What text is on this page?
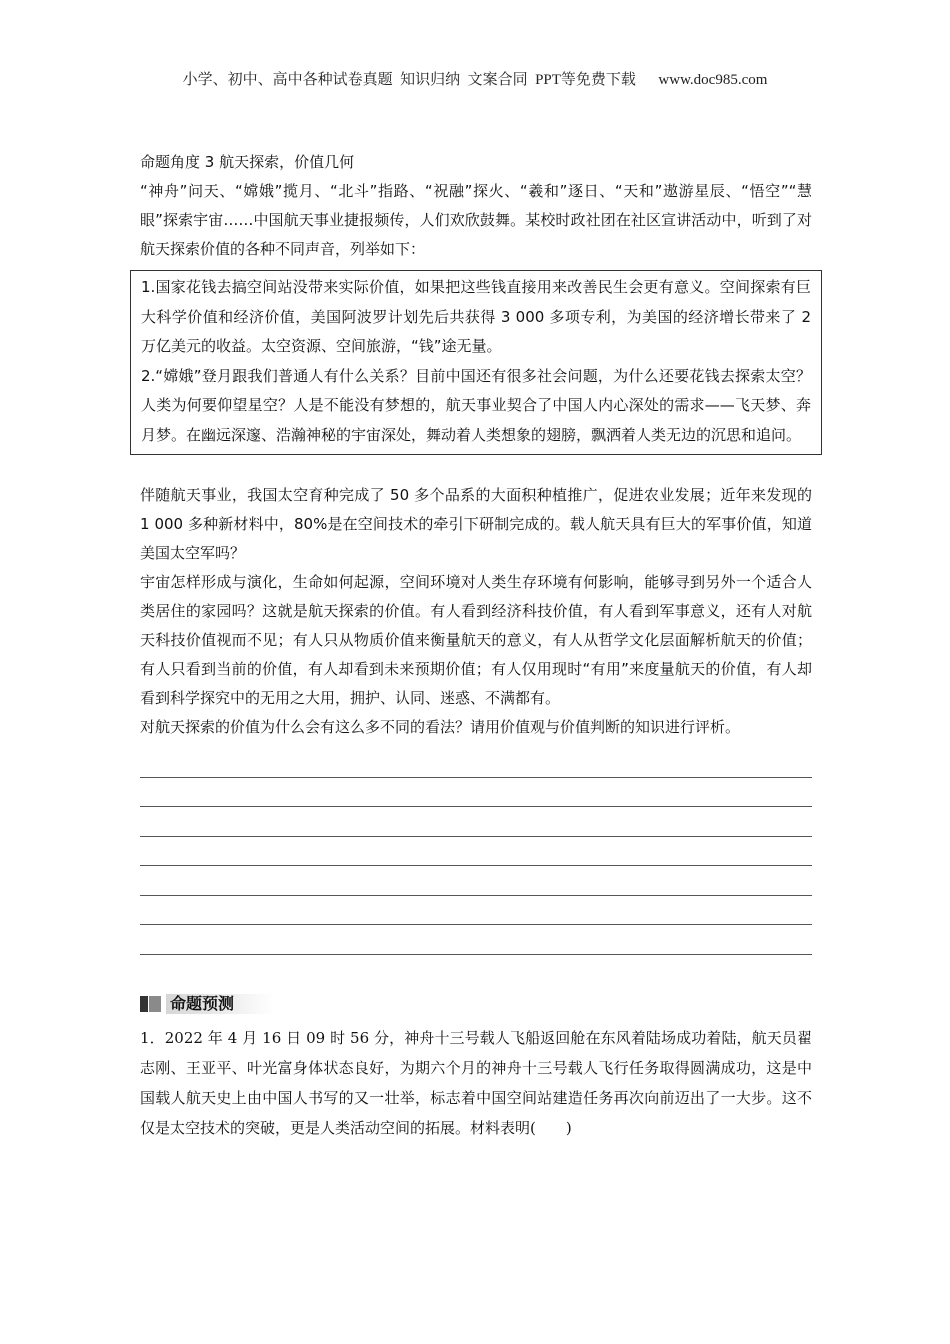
小学、初中、高中各种试卷真题  知识归纳  文案合同  PPT等免费下载      www.doc985.com

命题角度 3 航天探索，价值几何

“神舟”问天、“嫦娥”揽月、“北斗”指路、“祝融”探火、“羲和”逐日、“天和”遨游星辰、“悟空”“慧眼”探索宇宙……中国航天事业捷报频传，人们欢欣鼓舞。某校时政社团在社区宣讲活动中，听到了对航天探索价值的各种不同声音，列举如下：

1.国家花钱去搞空间站没带来实际价值，如果把这些钱直接用来改善民生会更有意义。空间探索有巨大科学价值和经济价值，美国阿波罗计划先后共获得 3 000 多项专利，为美国的经济增长带来了 2 万亿美元的收益。太空资源、空间旅游，“钱”途无量。

2.“嫦娥”登月跟我们普通人有什么关系？目前中国还有很多社会问题，为什么还要花钱去探索太空？人类为何要仰望星空？人是不能没有梦想的，航天事业契合了中国人内心深处的需求——飞天梦、奔月梦。在幽远深邃、浩瀚神秘的宇宙深处，舞动着人类想象的翅膀，飘洒着人类无边的沉思和追问。

伴随航天事业，我国太空育种完成了 50 多个品系的大面积种植推广，促进农业发展；近年来发现的 1 000 多种新材料中，80%是在空间技术的牵引下研制完成的。载人航天具有巨大的军事价值，知道美国太空军吗？

宇宙怎样形成与演化，生命如何起源，空间环境对人类生存环境有何影响，能够寻到另外一个适合人类居住的家园吗？这就是航天探索的价值。有人看到经济科技价值，有人看到军事意义，还有人对航天科技价值视而不见；有人只从物质价值来衡量航天的意义，有人从哲学文化层面解析航天的价值；有人只看到当前的价值，有人却看到未来预期价值；有人仅用现时“有用”来度量航天的价值，有人却看到科学探究中的无用之大用，拥护、认同、迷惑、不满都有。

对航天探索的价值为什么会有这么多不同的看法？请用价值观与价值判断的知识进行评析。

命题预测

1．2022 年 4 月 16 日 09 时 56 分，神舟十三号载人飞船返回舱在东风着陆场成功着陆，航天员翟志刚、王亚平、叶光富身体状态良好，为期六个月的神舟十三号载人飞行任务取得圆满成功，这是中国载人航天史上由中国人书写的又一壮举，标志着中国空间站建造任务再次向前迈出了一大步。这不仅是太空技术的突破，更是人类活动空间的拓展。材料表明(　　)
